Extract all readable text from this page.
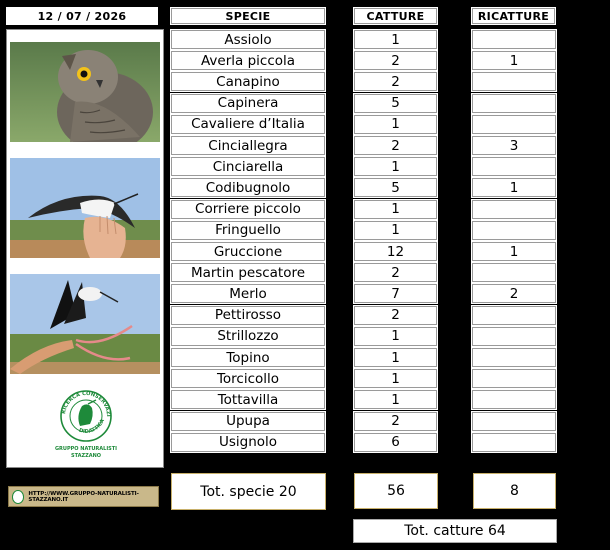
12 / 07 / 2026	SPECIE	CATTURE	RICATTURE
RICERCA CONSERVAZI
DIDATTICA
GRUPPO NATURALISTI
STAZZANO
Assiolo	1
Averla piccola	2	1
Canapino	2
Capinera	5
Cavaliere d’Italia	1
Cinciallegra	2	3
Cinciarella	1
Codibugnolo	5	1
Corriere piccolo	1
Fringuello	1
Gruccione	12	1
Martin pescatore	2
Merlo	7	2
Pettirosso	2
Strillozzo	1
Topino	1
Torcicollo	1
Tottavilla	1
Upupa	2
Usignolo	6
HTTP://WWW.GRUPPO-NATURALISTI-STAZZANO.IT	Tot. specie 20	56	8
Tot. catture 64
